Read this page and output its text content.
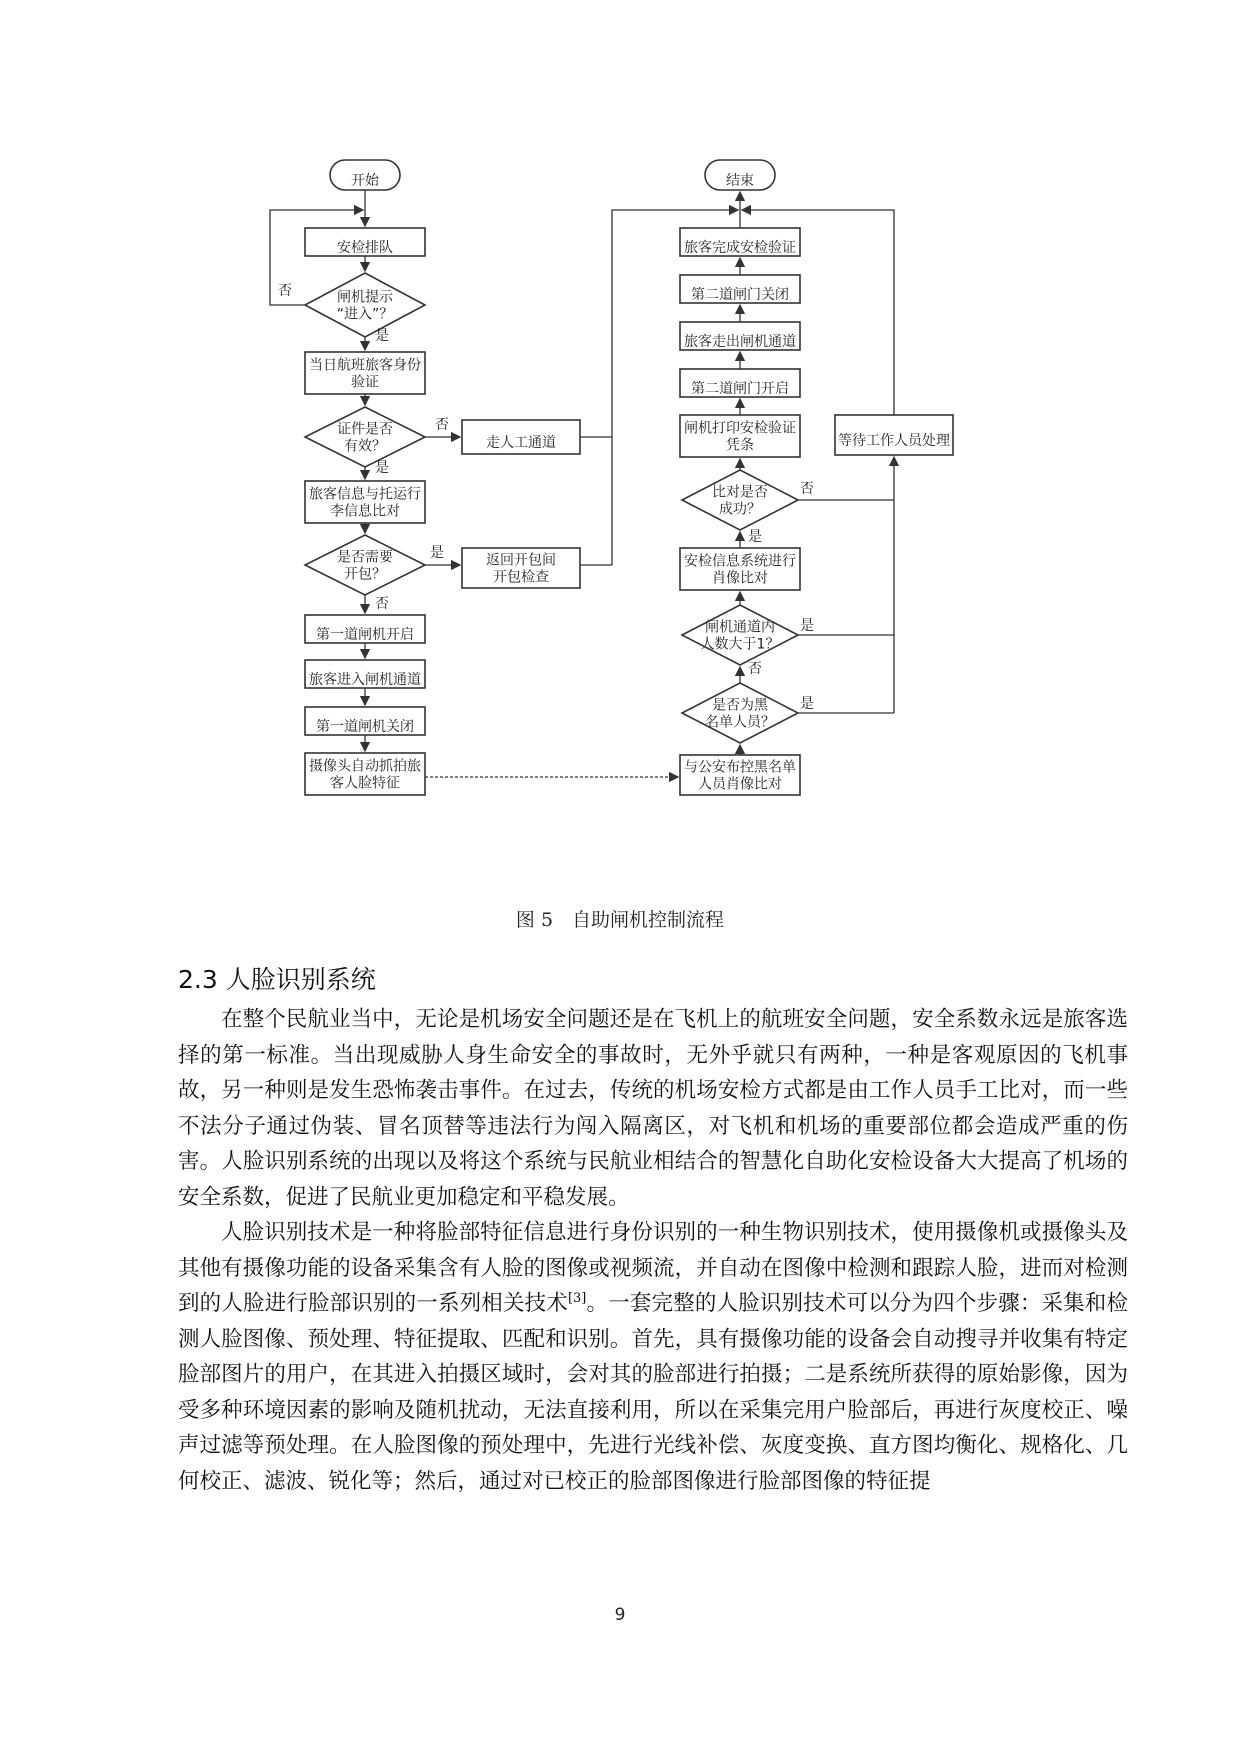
开始
安检排队
闸机提示
“进入”？
当日航班旅客身份
验证
证件是否
有效？	走人工通道
旅客信息与托运行
李信息比对
是否需要
开包？
返回开包间
开包检查
第一道闸机开启
旅客进入闸机通道
第一道闸机关闭
摄像头自动抓拍旅
客人脸特征
结束
旅客完成安检验证
第二道闸门关闭
旅客走出闸机通道
第二道闸门开启
闸机打印安检验证
凭条
比对是否
成功？
安检信息系统进行
肖像比对
闸机通道内
人数大于1？
是否为黑
名单人员？
与公安布控黑名单
人员肖像比对
等待工作人员处理
否
是
否
是
是
否
否
是
是
否
是
图 5　自助闸机控制流程
2.3 人脸识别系统

在整个民航业当中，无论是机场安全问题还是在飞机上的航班安全问题，安全系数永远是旅客选择的第一标准。当出现威胁人身生命安全的事故时，无外乎就只有两种，一种是客观原因的飞机事故，另一种则是发生恐怖袭击事件。在过去，传统的机场安检方式都是由工作人员手工比对，而一些不法分子通过伪装、冒名顶替等违法行为闯入隔离区，对飞机和机场的重要部位都会造成严重的伤害。人脸识别系统的出现以及将这个系统与民航业相结合的智慧化自助化安检设备大大提高了机场的安全系数，促进了民航业更加稳定和平稳发展。

人脸识别技术是一种将脸部特征信息进行身份识别的一种生物识别技术，使用摄像机或摄像头及其他有摄像功能的设备采集含有人脸的图像或视频流，并自动在图像中检测和跟踪人脸，进而对检测到的人脸进行脸部识别的一系列相关技术[3]。一套完整的人脸识别技术可以分为四个步骤：采集和检测人脸图像、预处理、特征提取、匹配和识别。首先，具有摄像功能的设备会自动搜寻并收集有特定脸部图片的用户，在其进入拍摄区域时，会对其的脸部进行拍摄；二是系统所获得的原始影像，因为受多种环境因素的影响及随机扰动，无法直接利用，所以在采集完用户脸部后，再进行灰度校正、噪声过滤等预处理。在人脸图像的预处理中，先进行光线补偿、灰度变换、直方图均衡化、规格化、几何校正、滤波、锐化等；然后，通过对已校正的脸部图像进行脸部图像的特征提

9
